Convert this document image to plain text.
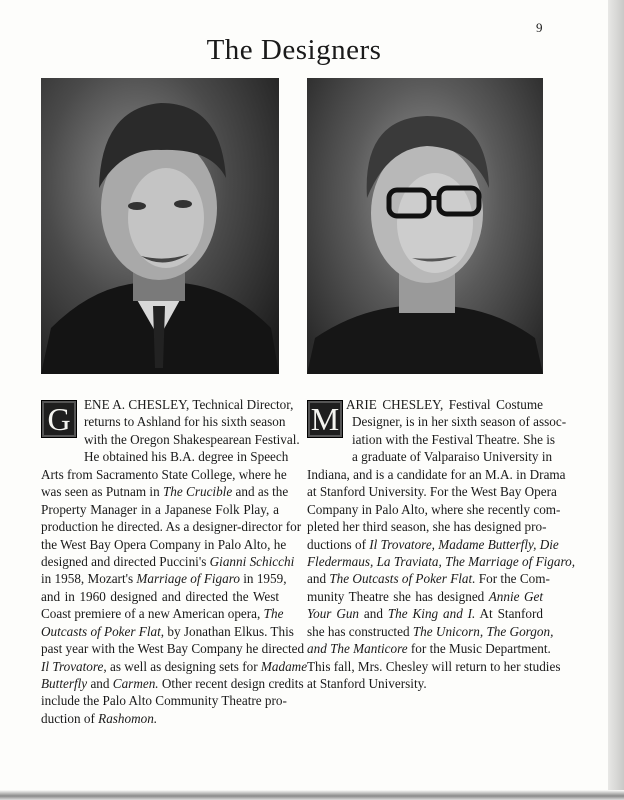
9
The Designers
G	ENE A. CHESLEY, Technical Director,
returns to Ashland for his sixth season
with the Oregon Shakespearean Festival.
He obtained his B.A. degree in Speech
Arts from Sacramento State College, where he
was seen as Putnam in The Crucible and as the
Property Manager in a Japanese Folk Play, a
production he directed. As a designer-director for
the West Bay Opera Company in Palo Alto, he
designed and directed Puccini's Gianni Schicchi
in 1958, Mozart's Marriage of Figaro in 1959,
and in 1960 designed and directed the West
Coast premiere of a new American opera, The
Outcasts of Poker Flat, by Jonathan Elkus. This
past year with the West Bay Company he directed
Il Trovatore, as well as designing sets for Madame
Butterfly and Carmen. Other recent design credits
include the Palo Alto Community Theatre pro-
duction of Rashomon.
M ARIE CHESLEY, Festival Costume
Designer, is in her sixth season of assoc-
iation with the Festival Theatre. She is
a graduate of Valparaiso University in
Indiana, and is a candidate for an M.A. in Drama
at Stanford University. For the West Bay Opera
Company in Palo Alto, where she recently com-
pleted her third season, she has designed pro-
ductions of Il Trovatore, Madame Butterfly, Die
Fledermaus, La Traviata, The Marriage of Figaro,
and The Outcasts of Poker Flat. For the Com-
munity Theatre she has designed Annie Get
Your Gun and The King and I. At Stanford
she has constructed The Unicorn, The Gorgon,
and The Manticore for the Music Department.
This fall, Mrs. Chesley will return to her studies
at Stanford University.
